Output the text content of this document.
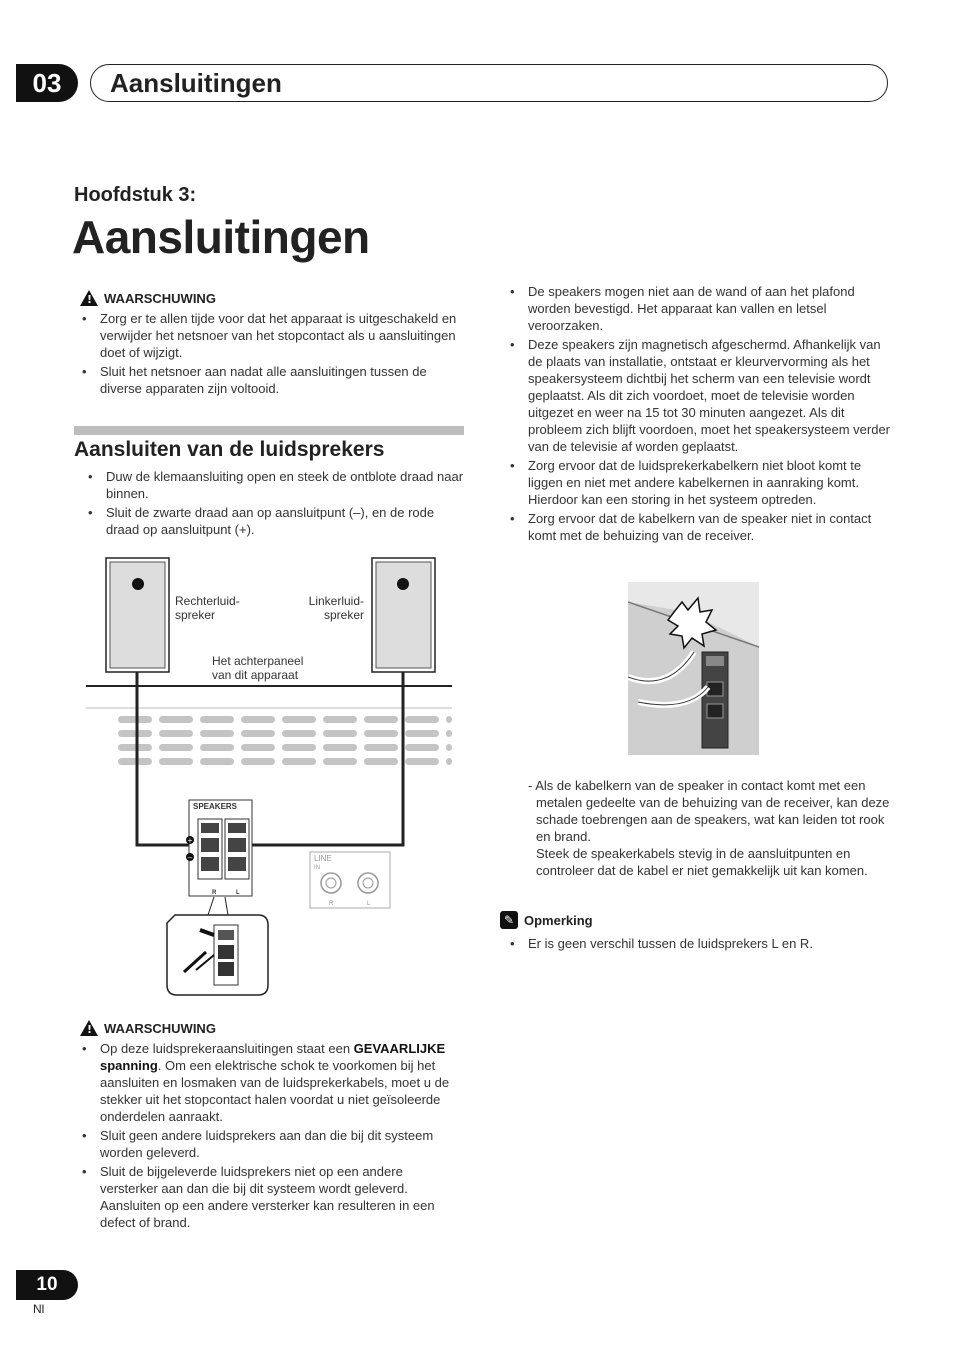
03	Aansluitingen
Hoofdstuk 3:
Aansluitingen
!
WAARSCHUWING
• Zorg er te allen tijde voor dat het apparaat is uitgeschakeld en verwijder het netsnoer van het stopcontact als u aansluitingen doet of wijzigt.
• Sluit het netsnoer aan nadat alle aansluitingen tussen de diverse apparaten zijn voltooid.
Aansluiten van de luidsprekers
• Duw de klemaansluiting open en steek de ontblote draad naar binnen.
• Sluit de zwarte draad aan op aansluitpunt (–), en de rode draad op aansluitpunt (+).
Rechterluid-
spreker
Linkerluid-
spreker
Het achterpaneel
van dit apparaat
SPEAKERS
+
–
R	L
LINE
IN
R	L
!
WAARSCHUWING
• Op deze luidsprekeraansluitingen staat een GEVAARLIJKE spanning. Om een elektrische schok te voorkomen bij het aansluiten en losmaken van de luidsprekerkabels, moet u de stekker uit het stopcontact halen voordat u niet geïsoleerde onderdelen aanraakt.
• Sluit geen andere luidsprekers aan dan die bij dit systeem worden geleverd.
• Sluit de bijgeleverde luidsprekers niet op een andere versterker aan dan die bij dit systeem wordt geleverd. Aansluiten op een andere versterker kan resulteren in een defect of brand.
• De speakers mogen niet aan de wand of aan het plafond worden bevestigd. Het apparaat kan vallen en letsel veroorzaken.
• Deze speakers zijn magnetisch afgeschermd. Afhankelijk van de plaats van installatie, ontstaat er kleurvervorming als het speakersysteem dichtbij het scherm van een televisie wordt geplaatst. Als dit zich voordoet, moet de televisie worden uitgezet en weer na 15 tot 30 minuten aangezet. Als dit probleem zich blijft voordoen, moet het speakersysteem verder van de televisie af worden geplaatst.
• Zorg ervoor dat de luidsprekerkabelkern niet bloot komt te liggen en niet met andere kabelkernen in aanraking komt. Hierdoor kan een storing in het systeem optreden.
• Zorg ervoor dat de kabelkern van de speaker niet in contact komt met de behuizing van de receiver.
- Als de kabelkern van de speaker in contact komt met een metalen gedeelte van de behuizing van de receiver, kan deze schade toebrengen aan de speakers, wat kan leiden tot rook en brand.
Steek de speakerkabels stevig in de aansluitpunten en controleer dat de kabel er niet gemakkelijk uit kan komen.
✎ Opmerking
• Er is geen verschil tussen de luidsprekers L en R.
10
Nl
